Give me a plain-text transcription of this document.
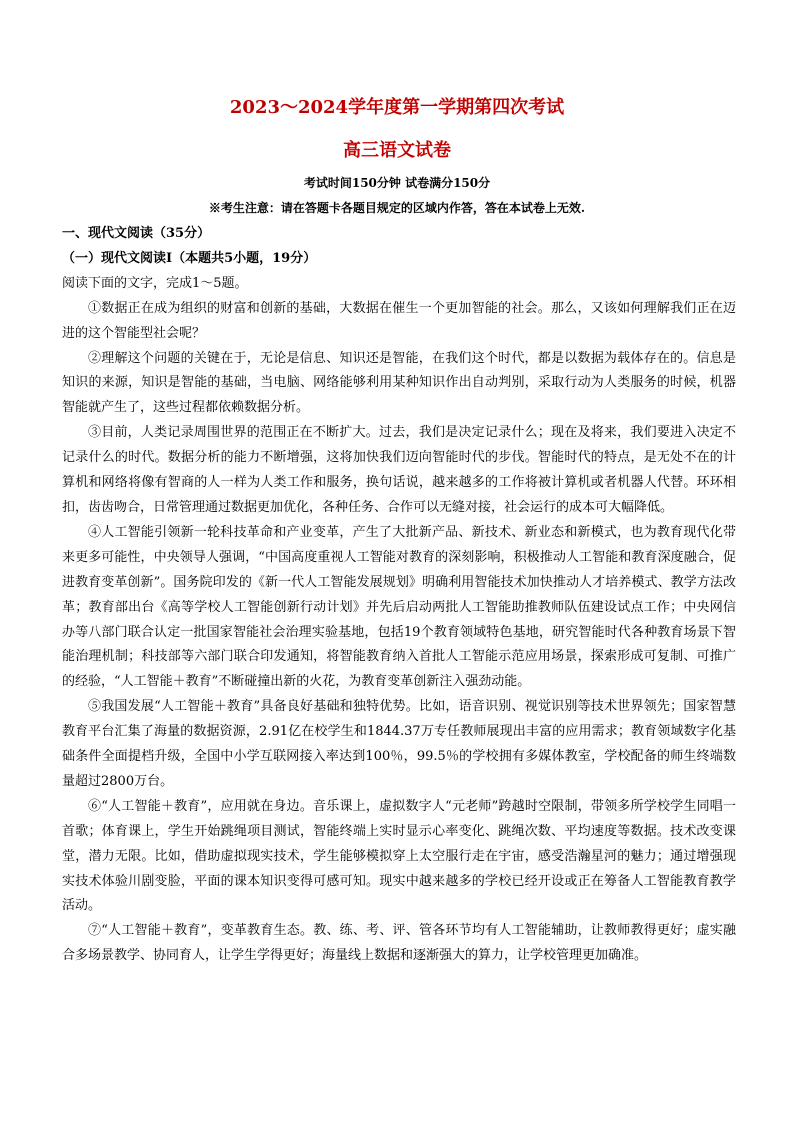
2023～2024学年度第一学期第四次考试
高三语文试卷
考试时间150分钟 试卷满分150分
※考生注意：请在答题卡各题目规定的区域内作答，答在本试卷上无效.

一、现代文阅读（35分）

（一）现代文阅读Ⅰ（本题共5小题，19分）

阅读下面的文字，完成1～5题。

①数据正在成为组织的财富和创新的基础，大数据在催生一个更加智能的社会。那么，又该如何理解我们正在迈进的这个智能型社会呢？

②理解这个问题的关键在于，无论是信息、知识还是智能，在我们这个时代，都是以数据为载体存在的。信息是知识的来源，知识是智能的基础，当电脑、网络能够利用某种知识作出自动判别，采取行动为人类服务的时候，机器智能就产生了，这些过程都依赖数据分析。

③目前，人类记录周围世界的范围正在不断扩大。过去，我们是决定记录什么；现在及将来，我们要进入决定不记录什么的时代。数据分析的能力不断增强，这将加快我们迈向智能时代的步伐。智能时代的特点，是无处不在的计算机和网络将像有智商的人一样为人类工作和服务，换句话说，越来越多的工作将被计算机或者机器人代替。环环相扣，齿齿吻合，日常管理通过数据更加优化，各种任务、合作可以无缝对接，社会运行的成本可大幅降低。

④人工智能引领新一轮科技革命和产业变革，产生了大批新产品、新技术、新业态和新模式，也为教育现代化带来更多可能性，中央领导人强调，“中国高度重视人工智能对教育的深刻影响，积极推动人工智能和教育深度融合，促进教育变革创新”。国务院印发的《新一代人工智能发展规划》明确利用智能技术加快推动人才培养模式、教学方法改革；教育部出台《高等学校人工智能创新行动计划》并先后启动两批人工智能助推教师队伍建设试点工作；中央网信办等八部门联合认定一批国家智能社会治理实验基地，包括19个教育领域特色基地，研究智能时代各种教育场景下智能治理机制；科技部等六部门联合印发通知，将智能教育纳入首批人工智能示范应用场景，探索形成可复制、可推广的经验，“人工智能＋教育”不断碰撞出新的火花，为教育变革创新注入强劲动能。

⑤我国发展“人工智能＋教育”具备良好基础和独特优势。比如，语音识别、视觉识别等技术世界领先；国家智慧教育平台汇集了海量的数据资源，2.91亿在校学生和1844.37万专任教师展现出丰富的应用需求；教育领域数字化基础条件全面提档升级，全国中小学互联网接入率达到100％，99.5％的学校拥有多媒体教室，学校配备的师生终端数量超过2800万台。

⑥“人工智能＋教育”，应用就在身边。音乐课上，虚拟数字人“元老师”跨越时空限制，带领多所学校学生同唱一首歌；体育课上，学生开始跳绳项目测试，智能终端上实时显示心率变化、跳绳次数、平均速度等数据。技术改变课堂，潜力无限。比如，借助虚拟现实技术，学生能够模拟穿上太空服行走在宇宙，感受浩瀚星河的魅力；通过增强现实技术体验川剧变脸，平面的课本知识变得可感可知。现实中越来越多的学校已经开设或正在筹备人工智能教育教学活动。

⑦“人工智能＋教育”，变革教育生态。教、练、考、评、管各环节均有人工智能辅助，让教师教得更好；虚实融合多场景教学、协同育人，让学生学得更好；海量线上数据和逐渐强大的算力，让学校管理更加确准。
